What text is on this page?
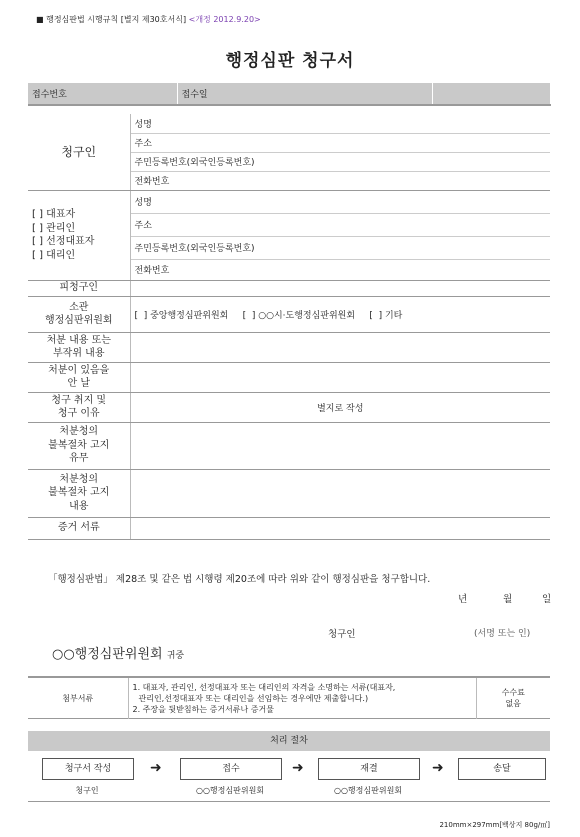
■ 행정심판법 시행규칙 [별지 제30호서식] <개정 2012.9.20>
행정심판 청구서
접수번호		접수일	

청구인	성명		
	주소		
	주민등록번호(외국인등록번호)		
	전화번호		

[ ] 대표자
[ ] 관리인
[ ] 선정대표자
[ ] 대리인	성명		
	주소		
	주민등록번호(외국인등록번호)		
	전화번호		
피청구인			
소관
행정심판위원회	[  ] 중앙행정심판위원회     [  ] ○○시·도행정심판위원회     [  ] 기타		
처분 내용 또는
부작위 내용			
처분이 있음을
안 날			
청구 취지 및
청구 이유	별지로 작성		
처분청의
불복절차 고지
유무			
처분청의
불복절차 고지
내용			
증거 서류			
「행정심판법」 제28조 및 같은 법 시행령 제20조에 따라 위와 같이 행정심판을 청구합니다.
년	월	일
청구인	(서명 또는 인)
○○행정심판위원회 귀중
첨부서류	
1. 대표자, 관리인, 선정대표자 또는 대리인의 자격을 소명하는 서류(대표자,
관리인,선정대표자 또는 대리인을 선임하는 경우에만 제출합니다.)
2. 주장을 뒷받침하는 증거서류나 증거물
	수수료
없음
처리 절차
청구서 작성	➜	접수	➜	재결	➜	송달
청구인	○○행정심판위원회	○○행정심판위원회
210mm×297mm[백상지 80g/㎡]
